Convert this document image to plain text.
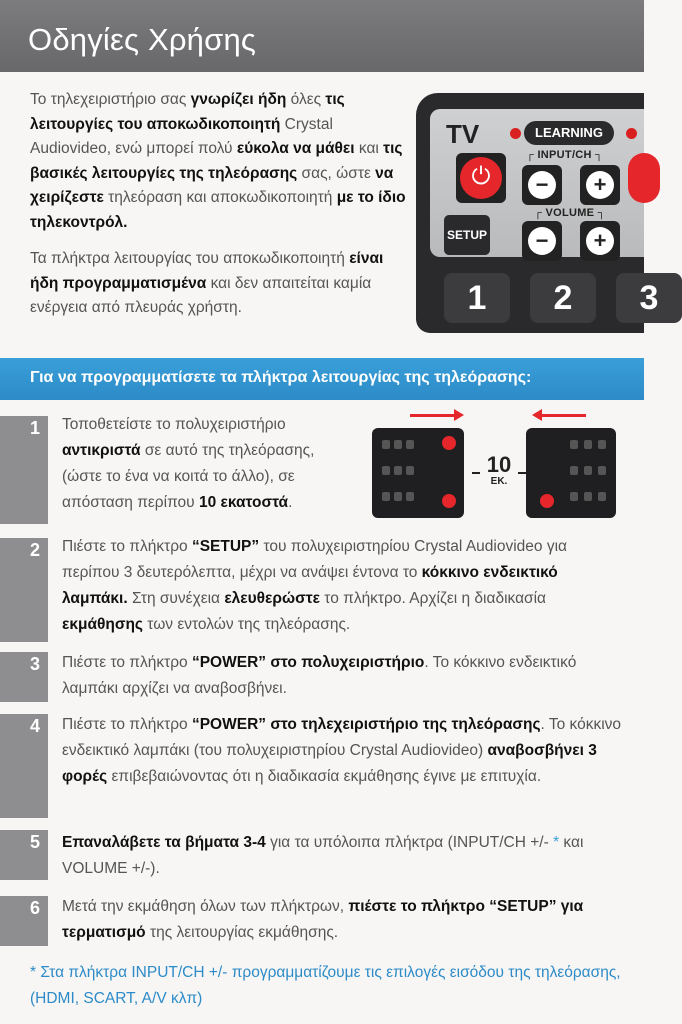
Οδηγίες Χρήσης

Το τηλεχειριστήριο σας γνωρίζει ήδη όλες τις λειτουργίες του αποκωδικοποιητή Crystal Audiovideo, ενώ μπορεί πολύ εύκολα να μάθει και τις βασικές λειτουργίες της τηλεόρασης σας, ώστε να χειρίζεστε τηλεόραση και αποκωδικοποιητή με το ίδιο τηλεκοντρόλ.

Τα πλήκτρα λειτουργίας του αποκωδικοποιητή είναι ήδη προγραμματισμένα και δεν απαιτείται καμία ενέργεια από πλευράς χρήστη.

TV	LEARNING
⏻
┌ INPUT/CH ┐
−	+
┌ VOLUME ┐
SETUP	−	+
1	2	3
Για να προγραμματίσετε τα πλήκτρα λειτουργίας της τηλεόρασης:
1	Τοποθετείστε το πολυχειριστήριο αντικριστά σε αυτό της τηλεόρασης, (ώστε το ένα να κοιτά το άλλο), σε απόσταση περίπου 10 εκατοστά.
10
ΕΚ.
2	Πιέστε το πλήκτρο “SETUP” του πολυχειριστηρίου Crystal Audiovideo για περίπου 3 δευτερόλεπτα, μέχρι να ανάψει έντονα το κόκκινο ενδεικτικό λαμπάκι. Στη συνέχεια ελευθερώστε το πλήκτρο. Αρχίζει η διαδικασία εκμάθησης των εντολών της τηλεόρασης.
3	Πιέστε το πλήκτρο “POWER” στο πολυχειριστήριο. Το κόκκινο ενδεικτικό λαμπάκι αρχίζει να αναβοσβήνει.
4	Πιέστε το πλήκτρο “POWER” στο τηλεχειριστήριο της τηλεόρασης. Το κόκκινο ενδεικτικό λαμπάκι (του πολυχειριστηρίου Crystal Audiovideo) αναβοσβήνει 3 φορές επιβεβαιώνοντας ότι η διαδικασία εκμάθησης έγινε με επιτυχία.
5	Επαναλάβετε τα βήματα 3-4 για τα υπόλοιπα πλήκτρα (INPUT/CH +/- * και VOLUME +/-).
6	Μετά την εκμάθηση όλων των πλήκτρων, πιέστε το πλήκτρο “SETUP” για τερματισμό της λειτουργίας εκμάθησης.
* Στα πλήκτρα INPUT/CH +/- προγραμματίζουμε τις επιλογές εισόδου της τηλεόρασης, (HDMI, SCART, A/V κλπ)
